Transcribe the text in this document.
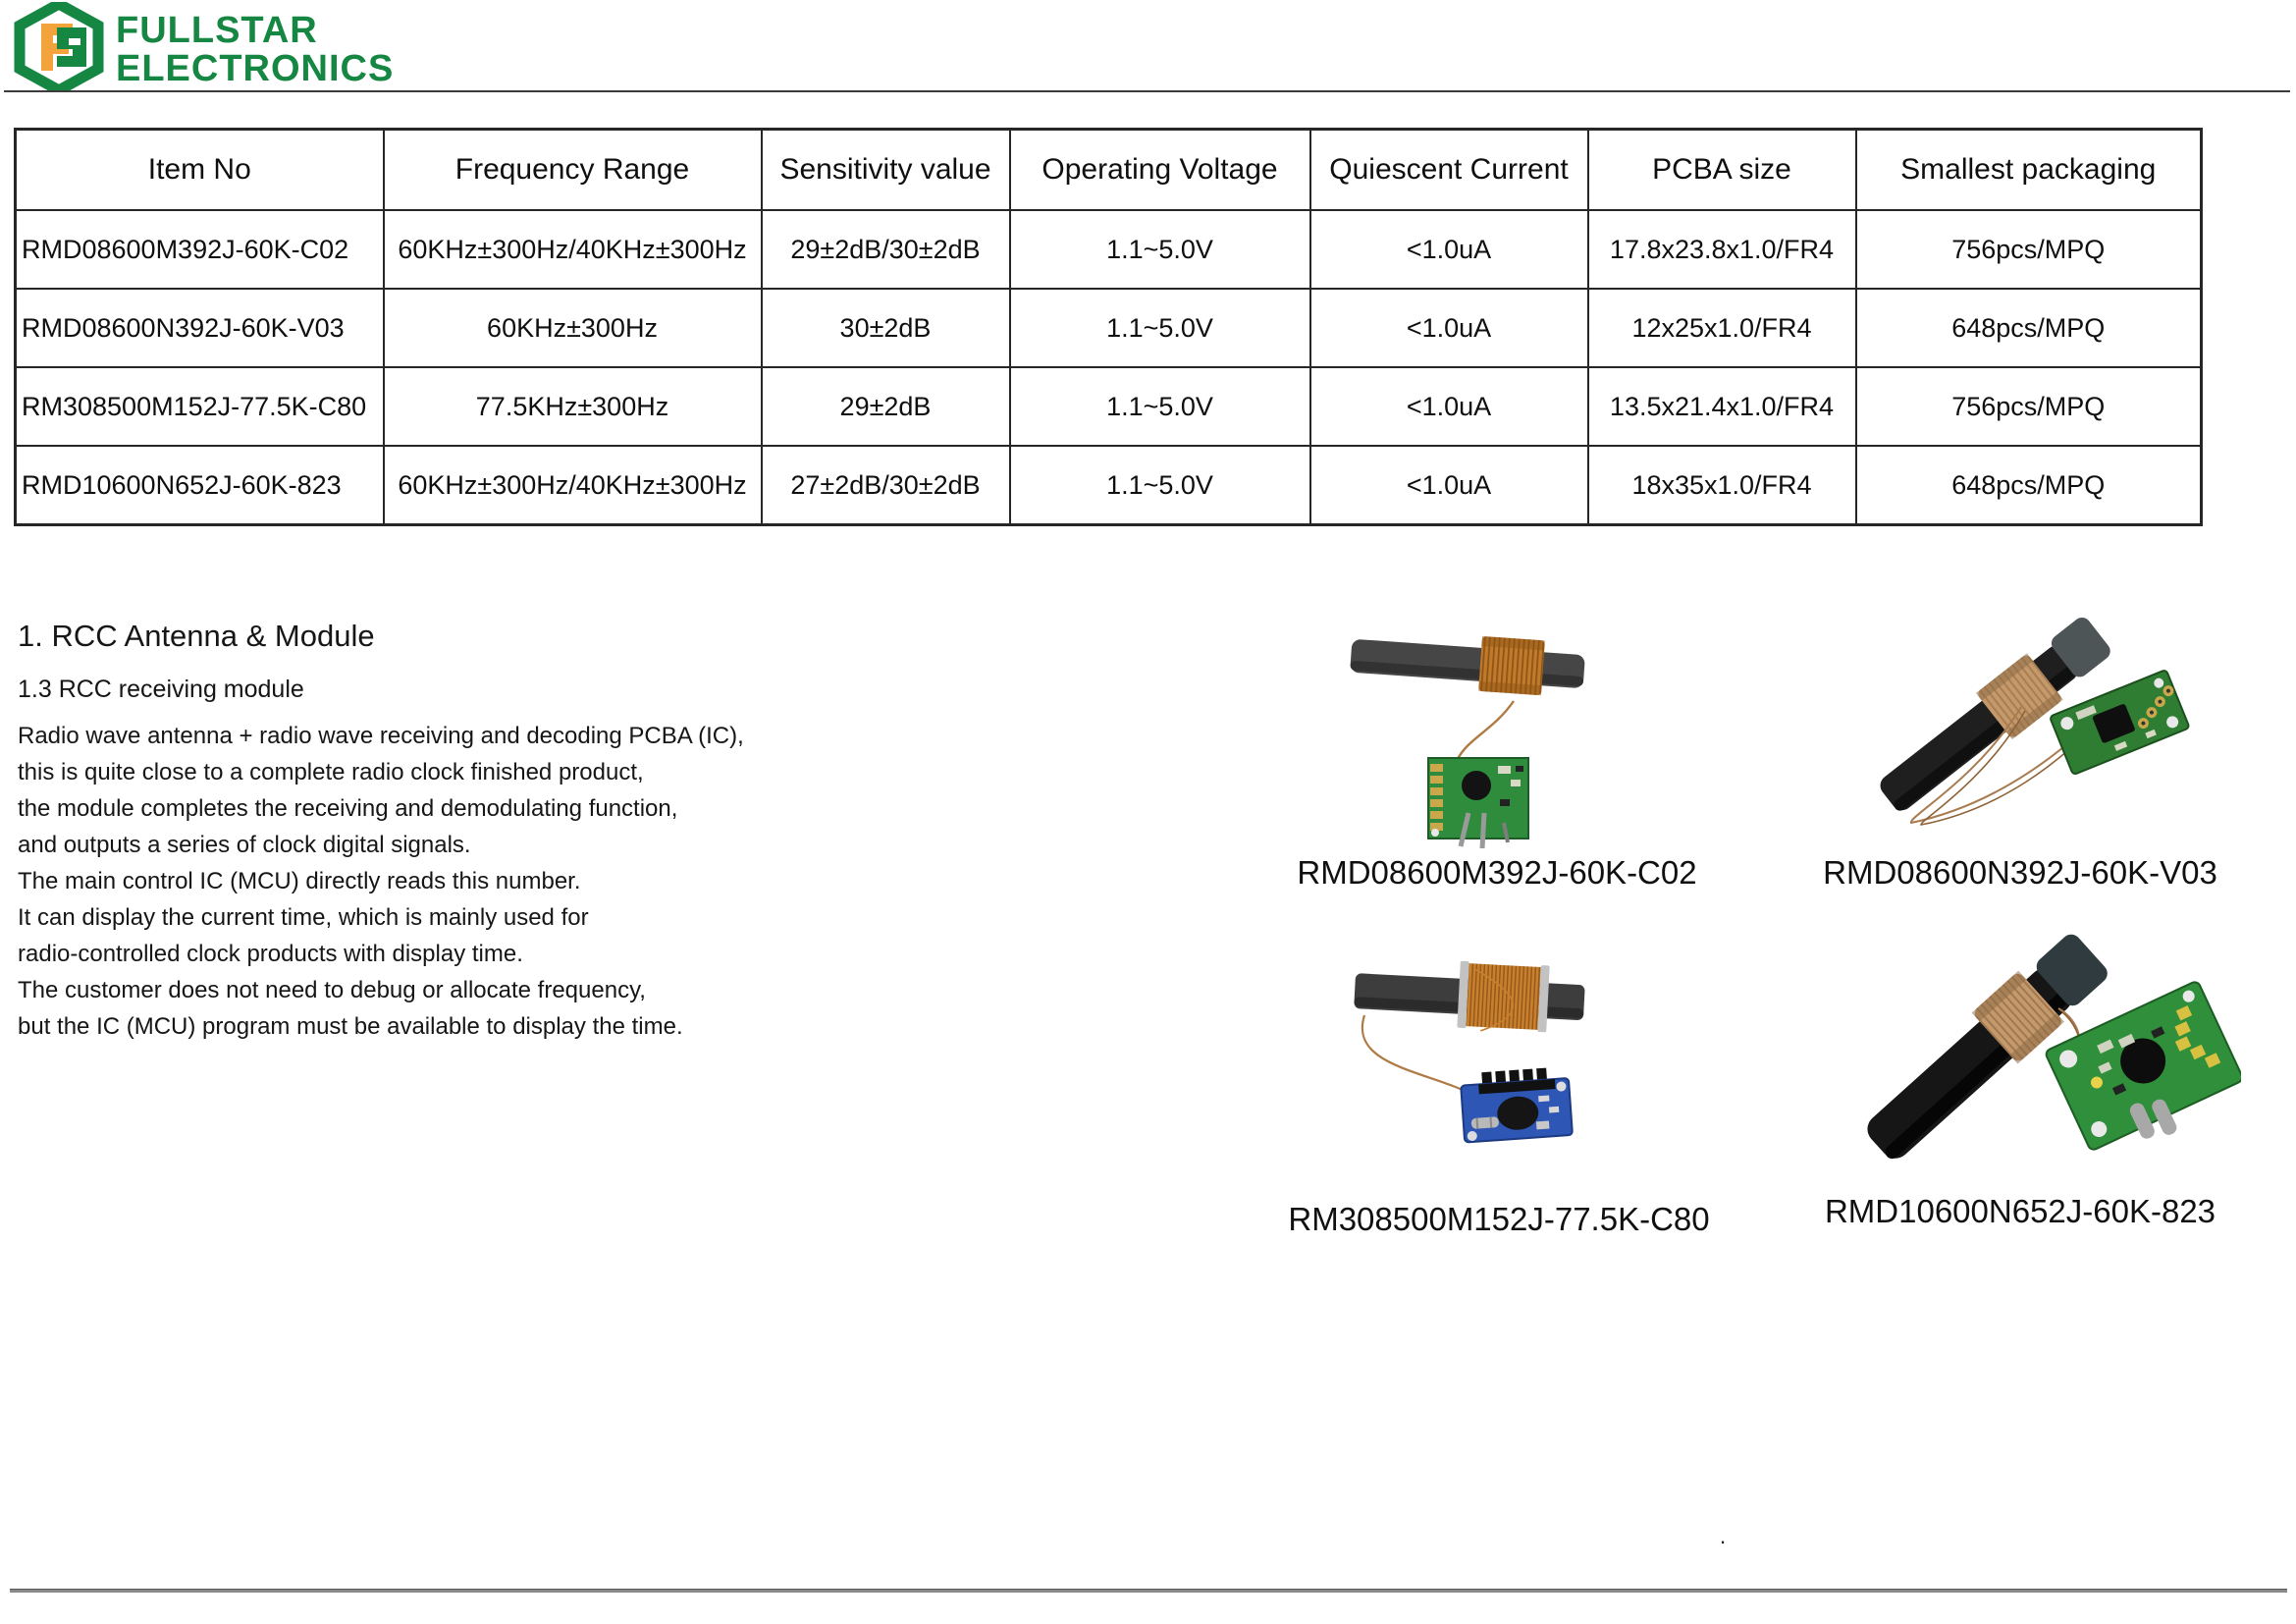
FULLSTAR
ELECTRONICS
Item No	Frequency Range	Sensitivity value	Operating Voltage	Quiescent Current	PCBA size	Smallest packaging
RMD08600M392J-60K-C02	60KHz±300Hz/40KHz±300Hz	29±2dB/30±2dB	1.1~5.0V	<1.0uA	17.8x23.8x1.0/FR4	756pcs/MPQ
RMD08600N392J-60K-V03	60KHz±300Hz	30±2dB	1.1~5.0V	<1.0uA	12x25x1.0/FR4	648pcs/MPQ
RM308500M152J-77.5K-C80	77.5KHz±300Hz	29±2dB	1.1~5.0V	<1.0uA	13.5x21.4x1.0/FR4	756pcs/MPQ
RMD10600N652J-60K-823	60KHz±300Hz/40KHz±300Hz	27±2dB/30±2dB	1.1~5.0V	<1.0uA	18x35x1.0/FR4	648pcs/MPQ
1. RCC Antenna & Module
1.3 RCC receiving module

Radio wave antenna + radio wave receiving and decoding PCBA (IC),

this is quite close to a complete radio clock finished product,

the module completes the receiving and demodulating function,

and outputs a series of clock digital signals.

The main control IC (MCU) directly reads this number.

It can display the current time, which is mainly used for

radio-controlled clock products with display time.

The customer does not need to debug or allocate frequency,

but the IC (MCU) program must be available to display the time.

RMD08600M392J-60K-C02	RMD08600N392J-60K-V03
RM308500M152J-77.5K-C80	RMD10600N652J-60K-823
.
